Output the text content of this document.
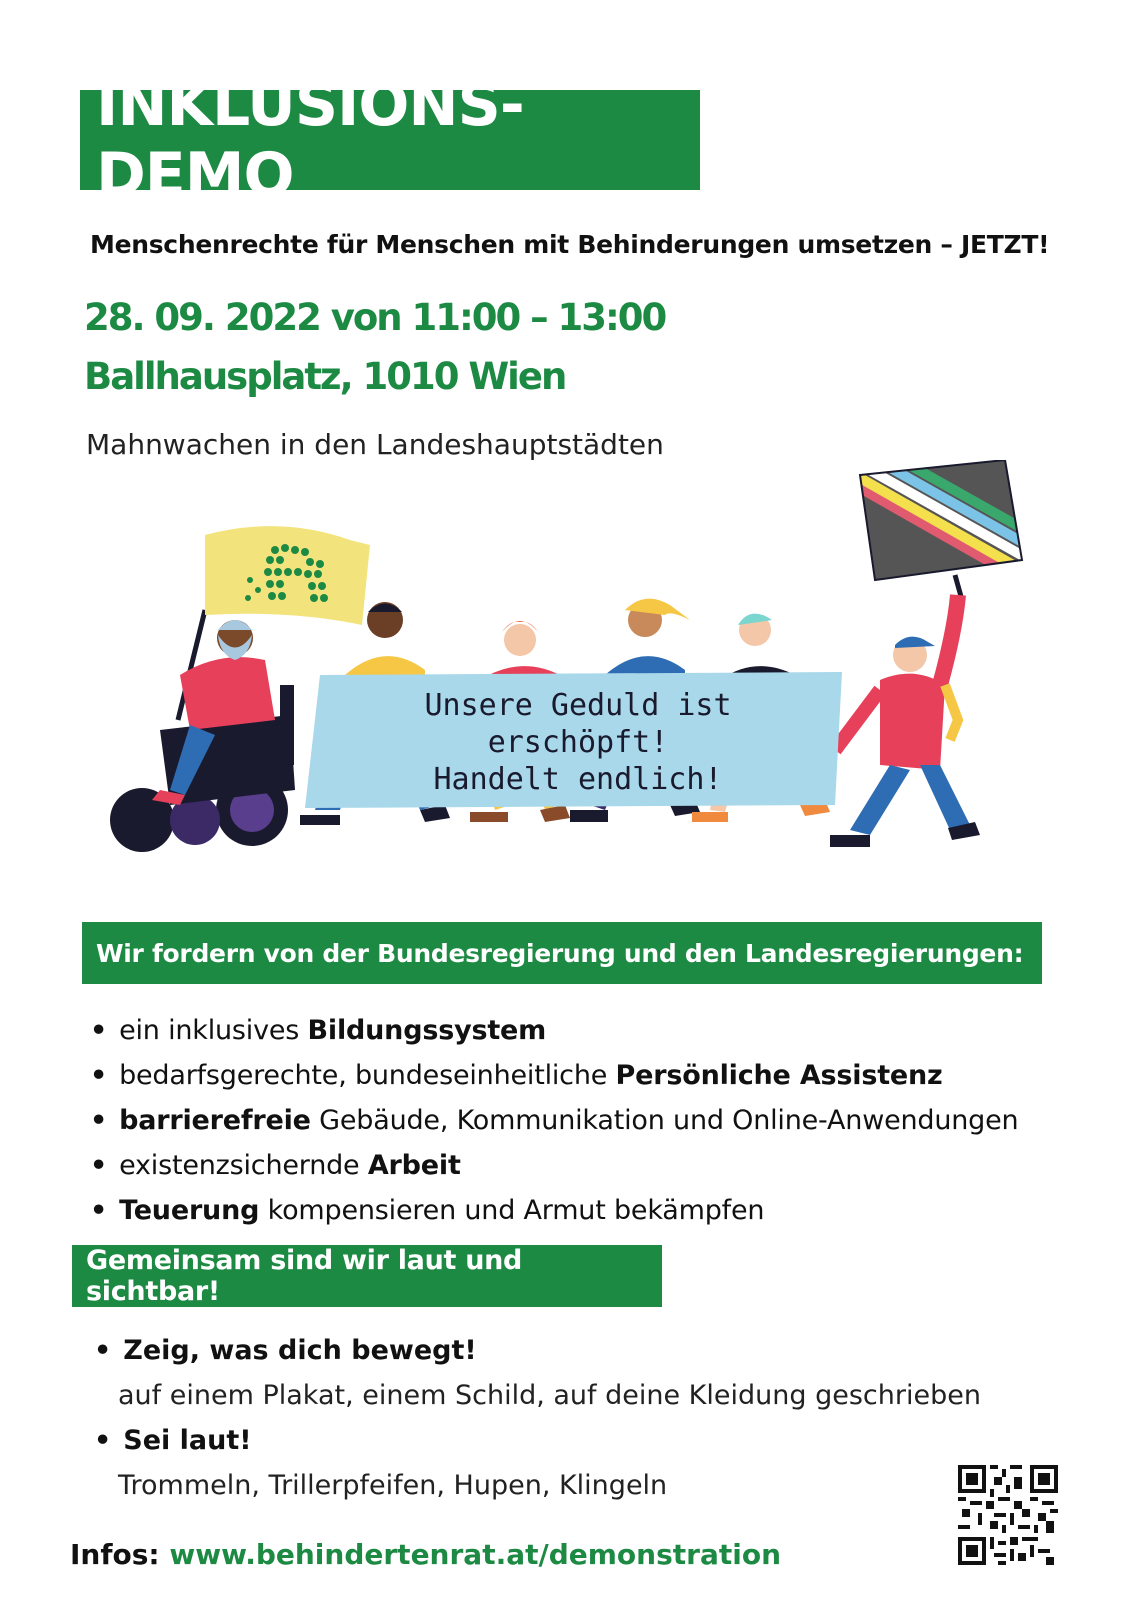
INKLUSIONS-DEMO
Menschenrechte für Menschen mit Behinderungen umsetzen – JETZT!
28. 09. 2022 von 11:00 – 13:00
Ballhausplatz, 1010 Wien
Mahnwachen in den Landeshauptstädten
Unsere Geduld ist
erschöpft!
Handelt endlich!
Wir fordern von der Bundesregierung und den Landesregierungen:
• ein inklusives Bildungssystem
• bedarfsgerechte, bundeseinheitliche Persönliche Assistenz
• barrierefreie Gebäude, Kommunikation und Online-Anwendungen
• existenzsichernde Arbeit
• Teuerung kompensieren und Armut bekämpfen
Gemeinsam sind wir laut und sichtbar!
• Zeig, was dich bewegt!
auf einem Plakat, einem Schild, auf deine Kleidung geschrieben
• Sei laut!
Trommeln, Trillerpfeifen, Hupen, Klingeln
Infos: www.behindertenrat.at/demonstration
